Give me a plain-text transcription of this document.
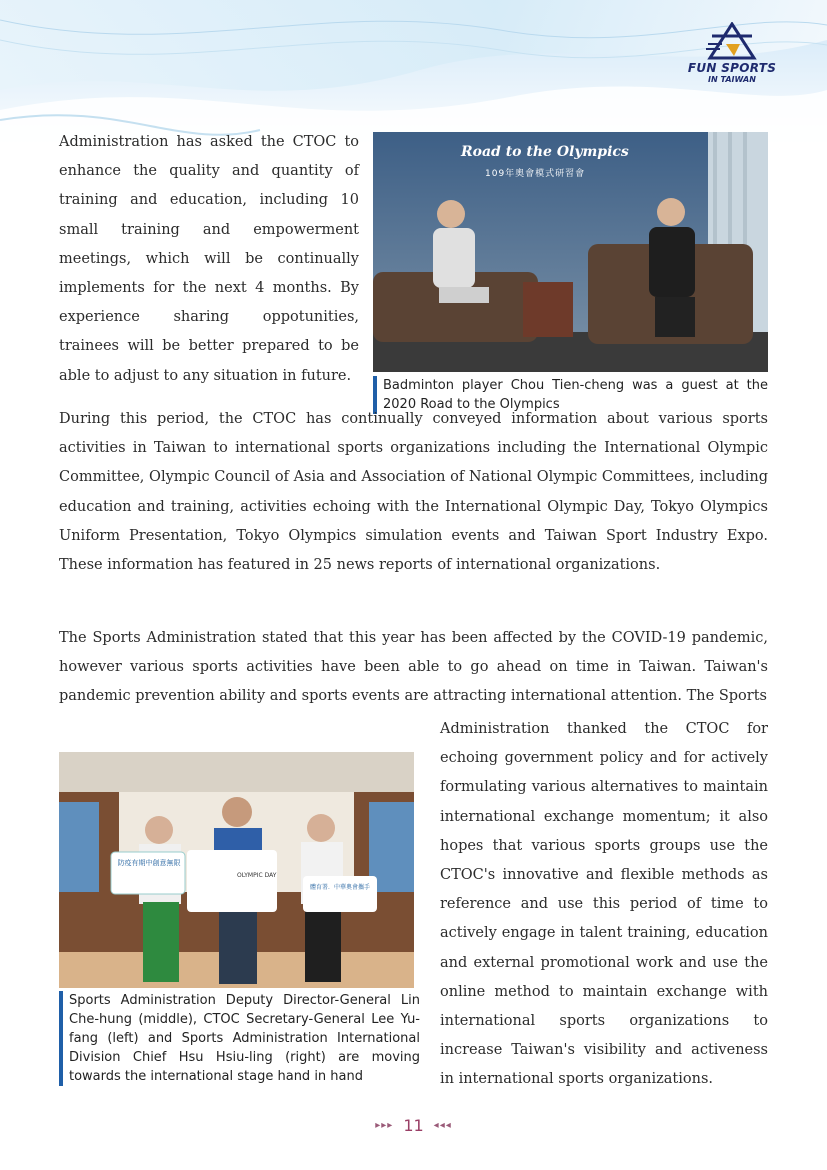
FUN SPORTS
IN TAIWAN

Administration has asked the CTOC to enhance the quality and quantity of training and education, including 10 small training and empowerment meetings, which will be continually implements for the next 4 months. By experience sharing oppotunities, trainees will be better prepared to be able to adjust to any situation in future.

Road to the Olympics
109年奧會模式研習會
Badminton player Chou Tien-cheng was a guest at the 2020 Road to the Olympics
During this period, the CTOC has continually conveyed information about various sports activities in Taiwan to international sports organizations including the International Olympic Committee, Olympic Council of Asia and Association of National Olympic Committees, including education and training, activities echoing with the International Olympic Day, Tokyo Olympics Uniform Presentation, Tokyo Olympics simulation events and Taiwan Sport Industry Expo. These information has featured in 25 news reports of international organizations.

The Sports Administration stated that this year has been affected by the COVID-19 pandemic, however various sports activities have been able to go ahead on time in Taiwan. Taiwan's pandemic prevention ability and sports events are attracting international attention. The Sports

防疫有期中創意無限
OLYMPIC DAY
體育署．中華奧會攜手
Sports Administration Deputy Director-General Lin Che-hung (middle), CTOC Secretary-General Lee Yu-fang (left) and Sports Administration International Division Chief Hsu Hsiu-ling (right) are moving towards the international stage hand in hand

Administration thanked the CTOC for echoing government policy and for actively formulating various alternatives to maintain international exchange momentum; it also hopes that various sports groups use the CTOC's innovative and flexible methods as reference and use this period of time to actively engage in talent training, education and external promotional work and use the online method to maintain exchange with international sports organizations to increase Taiwan's visibility and activeness in international sports organizations.

▸▸▸ 11 ◂◂◂
